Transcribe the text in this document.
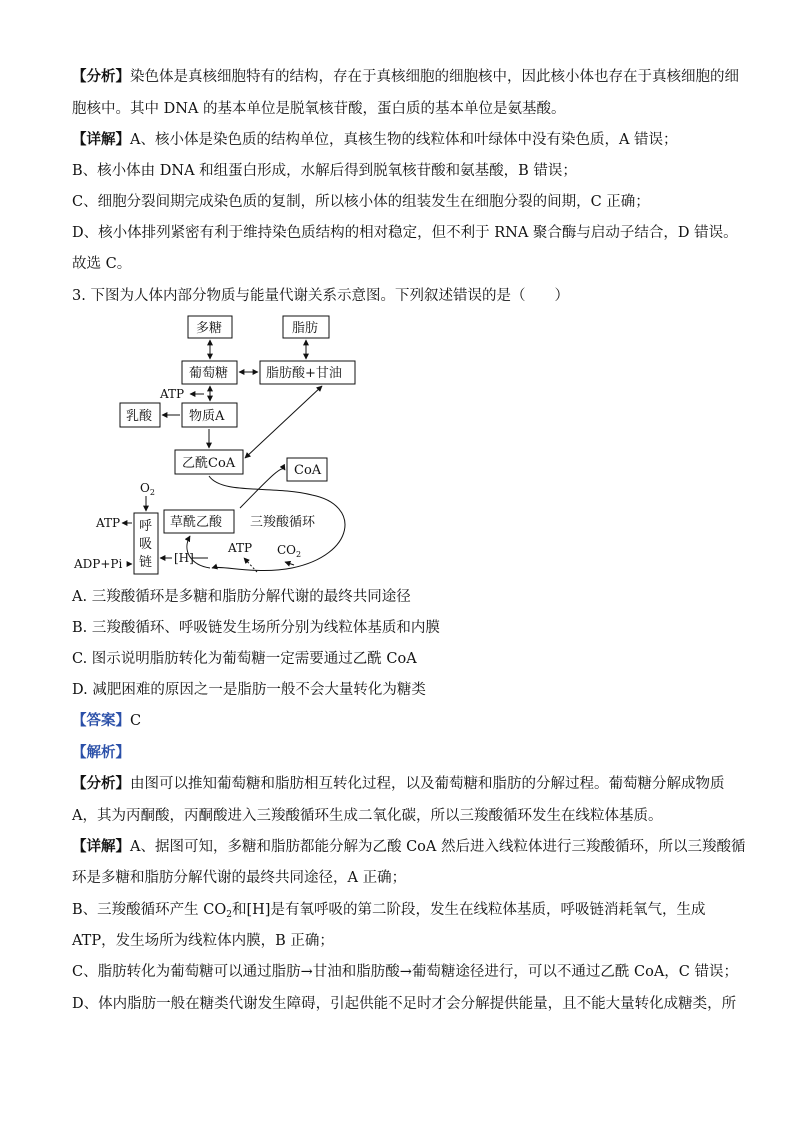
【分析】染色体是真核细胞特有的结构，存在于真核细胞的细胞核中，因此核小体也存在于真核细胞的细
胞核中。其中 DNA 的基本单位是脱氧核苷酸，蛋白质的基本单位是氨基酸。
【详解】A、核小体是染色质的结构单位，真核生物的线粒体和叶绿体中没有染色质，A 错误；
B、核小体由 DNA 和组蛋白形成，水解后得到脱氧核苷酸和氨基酸，B 错误；
C、细胞分裂间期完成染色质的复制，所以核小体的组装发生在细胞分裂的间期，C 正确；
D、核小体排列紧密有利于维持染色质结构的相对稳定，但不利于 RNA 聚合酶与启动子结合，D 错误。
故选 C。
3. 下图为人体内部分物质与能量代谢关系示意图。下列叙述错误的是（　　）
多糖	脂肪
葡萄糖	脂肪酸+甘油
ATP
乳酸	物质A
乙酰CoA	CoA
$O_2$
草酰乙酸 三羧酸循环
呼
吸
链
ATP
ADP+Pi	[H]
ATP $CO_2$
A. 三羧酸循环是多糖和脂肪分解代谢的最终共同途径
B. 三羧酸循环、呼吸链发生场所分别为线粒体基质和内膜
C. 图示说明脂肪转化为葡萄糖一定需要通过乙酰 CoA
D. 减肥困难的原因之一是脂肪一般不会大量转化为糖类
【答案】C
【解析】
【分析】由图可以推知葡萄糖和脂肪相互转化过程，以及葡萄糖和脂肪的分解过程。葡萄糖分解成物质
A，其为丙酮酸，丙酮酸进入三羧酸循环生成二氧化碳，所以三羧酸循环发生在线粒体基质。
【详解】A、据图可知，多糖和脂肪都能分解为乙酸 CoA 然后进入线粒体进行三羧酸循环，所以三羧酸循
环是多糖和脂肪分解代谢的最终共同途径，A 正确；
B、三羧酸循环产生 $CO_2$和[H]是有氧呼吸的第二阶段，发生在线粒体基质，呼吸链消耗氧气，生成
ATP，发生场所为线粒体内膜，B 正确；
C、脂肪转化为葡萄糖可以通过脂肪→甘油和脂肪酸→葡萄糖途径进行，可以不通过乙酰 CoA，C 错误；
D、体内脂肪一般在糖类代谢发生障碍，引起供能不足时才会分解提供能量，且不能大量转化成糖类，所
